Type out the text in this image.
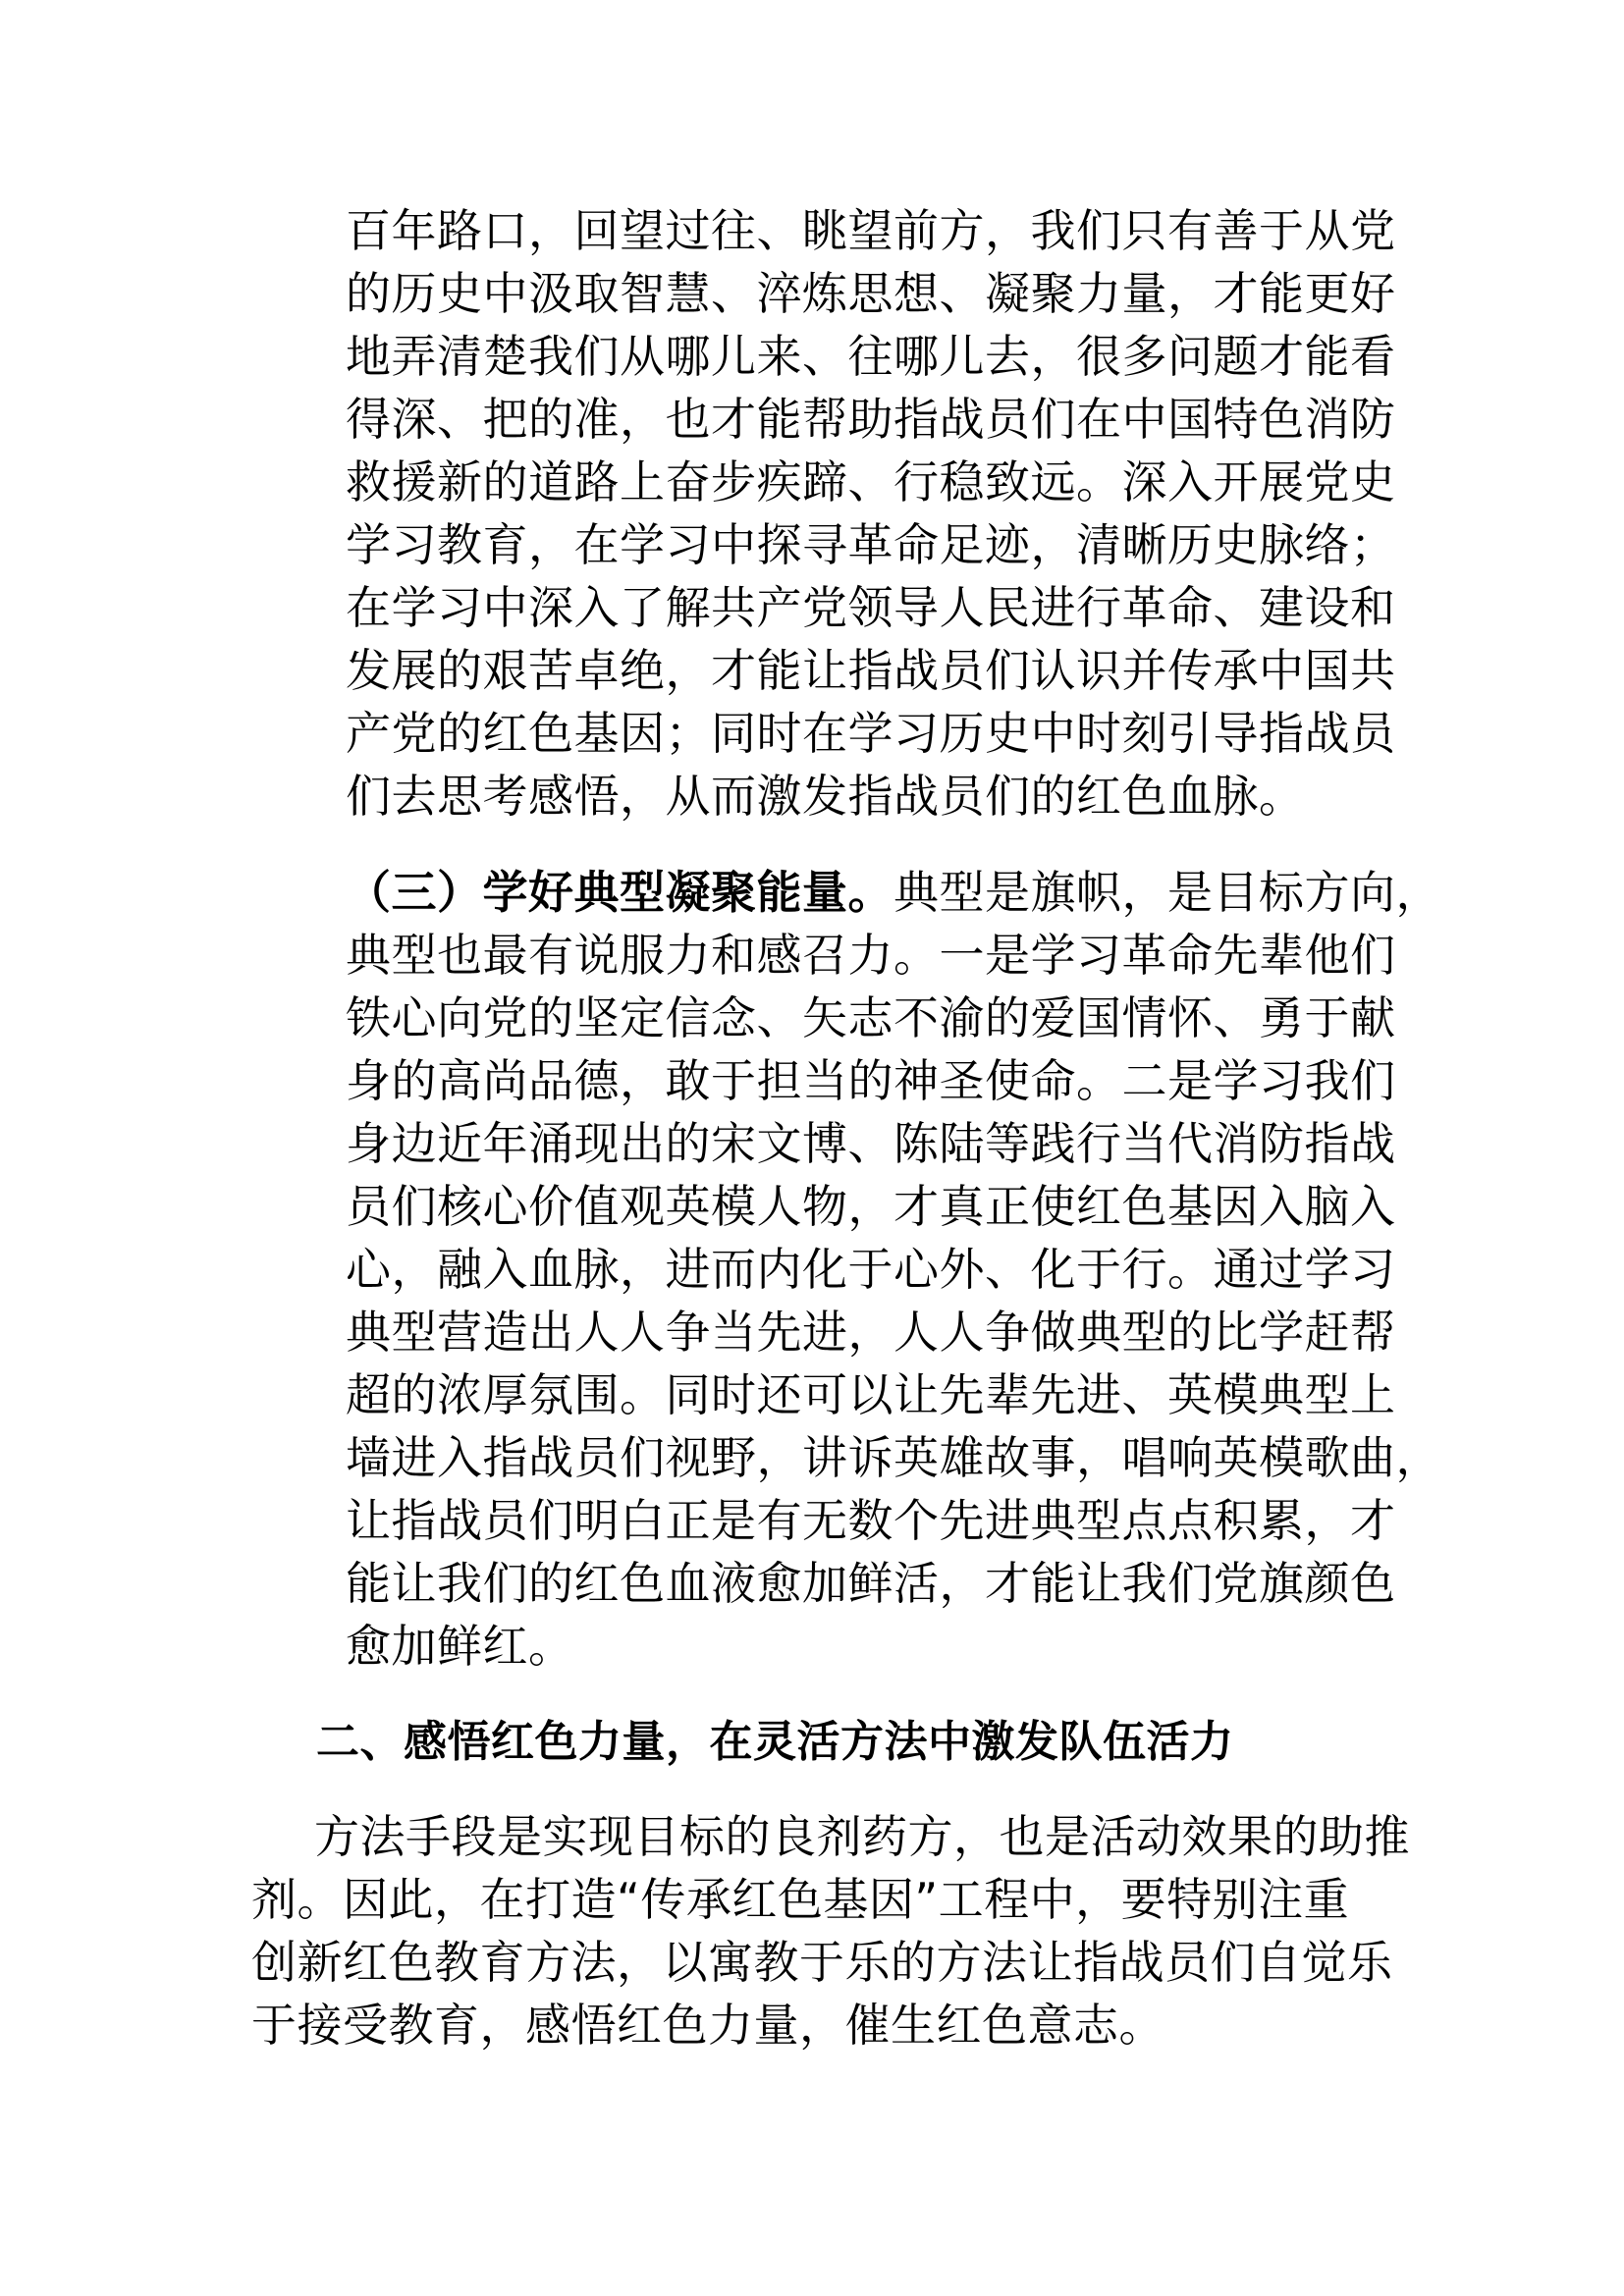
百年路口，回望过往、眺望前方，我们只有善于从党
的历史中汲取智慧、淬炼思想、凝聚力量，才能更好
地弄清楚我们从哪儿来、往哪儿去，很多问题才能看
得深、把的准，也才能帮助指战员们在中国特色消防
救援新的道路上奋步疾蹄、行稳致远。深入开展党史
学习教育，在学习中探寻革命足迹，清晰历史脉络；
在学习中深入了解共产党领导人民进行革命、建设和
发展的艰苦卓绝，才能让指战员们认识并传承中国共
产党的红色基因；同时在学习历史中时刻引导指战员
们去思考感悟，从而激发指战员们的红色血脉。
（三）学好典型凝聚能量。典型是旗帜，是目标方向，
典型也最有说服力和感召力。一是学习革命先辈他们
铁心向党的坚定信念、矢志不渝的爱国情怀、勇于献
身的高尚品德，敢于担当的神圣使命。二是学习我们
身边近年涌现出的宋文博、陈陆等践行当代消防指战
员们核心价值观英模人物，才真正使红色基因入脑入
心，融入血脉，进而内化于心外、化于行。通过学习
典型营造出人人争当先进，人人争做典型的比学赶帮
超的浓厚氛围。同时还可以让先辈先进、英模典型上
墙进入指战员们视野，讲诉英雄故事，唱响英模歌曲，
让指战员们明白正是有无数个先进典型点点积累，才
能让我们的红色血液愈加鲜活，才能让我们党旗颜色
愈加鲜红。
二、感悟红色力量，在灵活方法中激发队伍活力
方法手段是实现目标的良剂药方，也是活动效果的助推
剂。因此，在打造“传承红色基因”工程中，要特别注重
创新红色教育方法，以寓教于乐的方法让指战员们自觉乐
于接受教育，感悟红色力量，催生红色意志。
